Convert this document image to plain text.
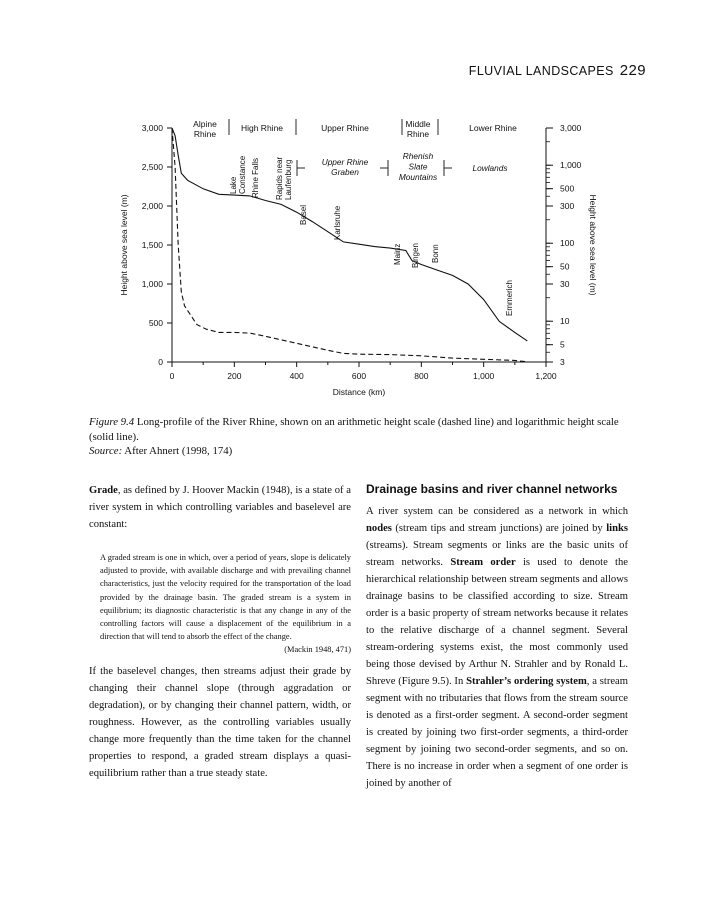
FLUVIAL LANDSCAPES 229
0	200	400	600	800	1,000	1,200
0
500
1,000
1,500
2,000
2,500
3,000
3
5
10
30
50
100
300
500
1,000
3,000
Alpine
Rhine
High Rhine	Upper Rhine	Middle
Rhine
Lower Rhine
Upper Rhine
Graben
Rhenish
Slate
Mountains
Lowlands
Lake Constance Rhine Falls Rapids near Laufenburg
Basel	Karlsruhe
Mainz Bingen Bonn
Emmerich
Distance (km)
Height above sea level (m)	Height above sea level (m)
Figure 9.4 Long-profile of the River Rhine, shown on an arithmetic height scale (dashed line) and logarithmic height scale (solid line).
Source: After Ahnert (1998, 174)

Grade, as defined by J. Hoover Mackin (1948), is a state of a river system in which controlling variables and baselevel are constant:

A graded stream is one in which, over a period of years, slope is delicately adjusted to provide, with available discharge and with prevailing channel characteristics, just the velocity required for the transportation of the load provided by the drainage basin. The graded stream is a system in equilibrium; its diagnostic characteristic is that any change in any of the controlling factors will cause a displacement of the equilibrium in a direction that will tend to absorb the effect of the change.
(Mackin 1948, 471)

If the baselevel changes, then streams adjust their grade by changing their channel slope (through aggradation or degradation), or by changing their channel pattern, width, or roughness. However, as the controlling variables usually change more frequently than the time taken for the channel properties to respond, a graded stream displays a quasi-equilibrium rather than a true steady state.

Drainage basins and river channel networks

A river system can be considered as a network in which nodes (stream tips and stream junctions) are joined by links (streams). Stream segments or links are the basic units of stream networks. Stream order is used to denote the hierarchical relationship between stream segments and allows drainage basins to be classified according to size. Stream order is a basic property of stream networks because it relates to the relative discharge of a channel segment. Several stream-ordering systems exist, the most commonly used being those devised by Arthur N. Strahler and by Ronald L. Shreve (Figure 9.5). In Strahler’s ordering system, a stream segment with no tributaries that flows from the stream source is denoted as a first-order segment. A second-order segment is created by joining two first-order segments, a third-order segment by joining two second-order segments, and so on. There is no increase in order when a segment of one order is joined by another of
